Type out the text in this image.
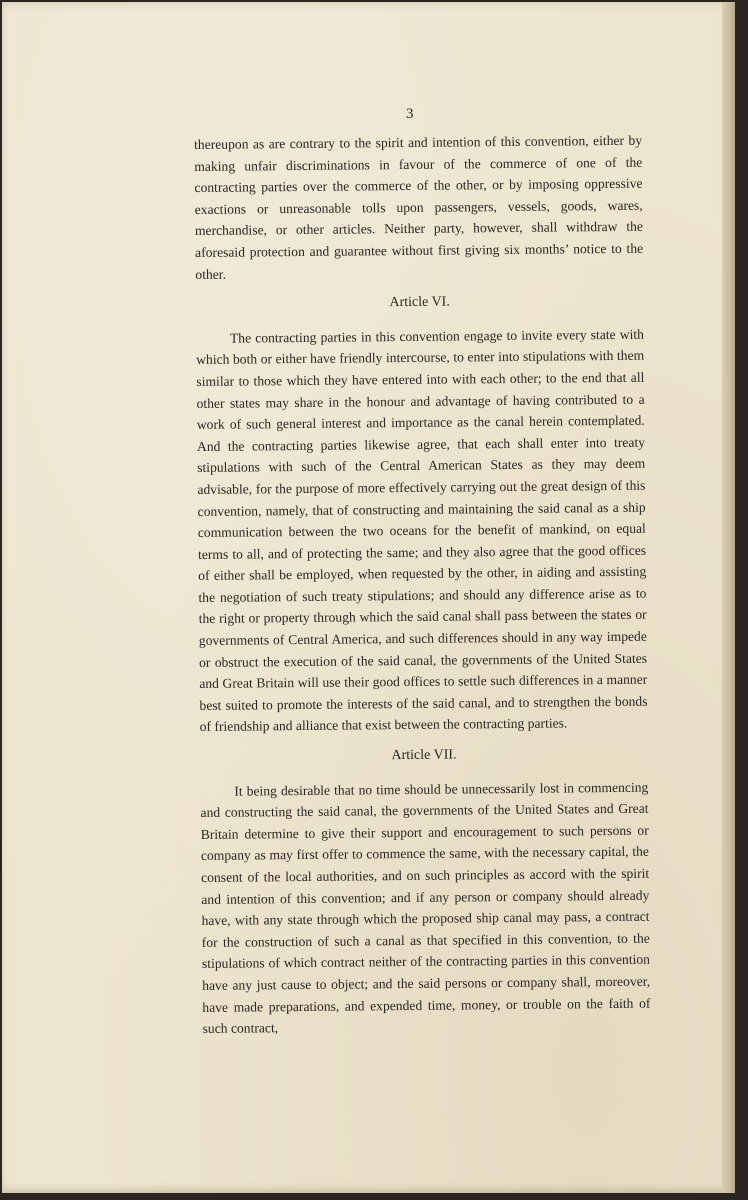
3

thereupon as are contrary to the spirit and intention of this convention, either by making unfair discriminations in favour of the commerce of one of the contracting parties over the commerce of the other, or by imposing oppressive exactions or unreasonable tolls upon passengers, vessels, goods, wares, merchandise, or other articles. Neither party, however, shall withdraw the aforesaid protection and guarantee without first giving six months’ notice to the other.

Article VI.

The contracting parties in this convention engage to invite every state with which both or either have friendly intercourse, to enter into stipulations with them similar to those which they have entered into with each other; to the end that all other states may share in the honour and advantage of having contributed to a work of such general interest and importance as the canal herein contemplated. And the contracting parties likewise agree, that each shall enter into treaty stipulations with such of the Central American States as they may deem advisable, for the purpose of more effectively carrying out the great design of this convention, namely, that of constructing and maintaining the said canal as a ship communication between the two oceans for the benefit of mankind, on equal terms to all, and of protecting the same; and they also agree that the good offices of either shall be employed, when requested by the other, in aiding and assisting the negotiation of such treaty stipulations; and should any difference arise as to the right or property through which the said canal shall pass between the states or governments of Central America, and such differences should in any way impede or obstruct the execution of the said canal, the governments of the United States and Great Britain will use their good offices to settle such differences in a manner best suited to promote the interests of the said canal, and to strengthen the bonds of friendship and alliance that exist between the contracting parties.

Article VII.

It being desirable that no time should be unnecessarily lost in commencing and constructing the said canal, the governments of the United States and Great Britain determine to give their support and encouragement to such persons or company as may first offer to commence the same, with the necessary capital, the consent of the local authorities, and on such principles as accord with the spirit and intention of this convention; and if any person or company should already have, with any state through which the proposed ship canal may pass, a contract for the construction of such a canal as that specified in this convention, to the stipulations of which contract neither of the contracting parties in this convention have any just cause to object; and the said persons or company shall, moreover, have made preparations, and expended time, money, or trouble on the faith of such contract,
